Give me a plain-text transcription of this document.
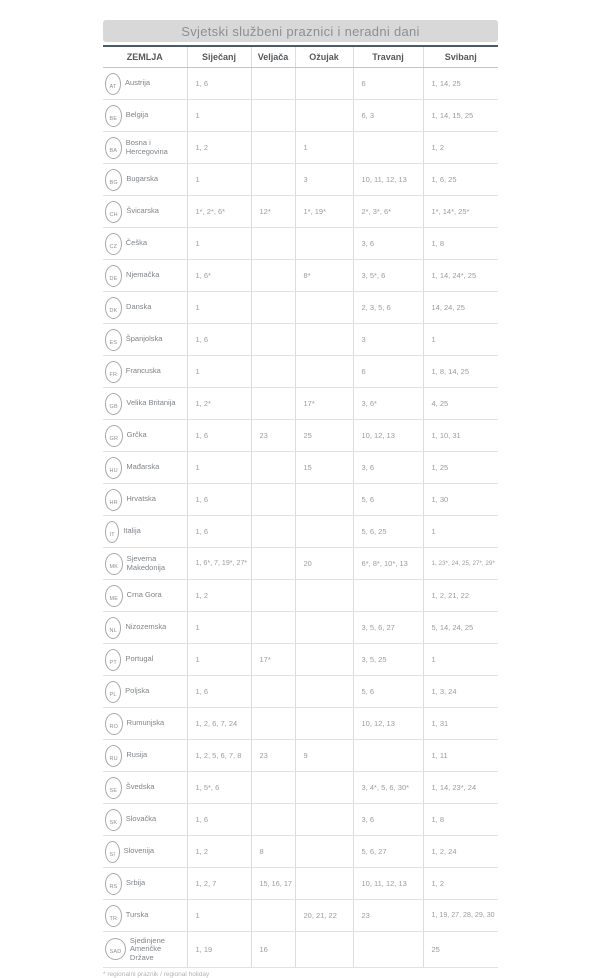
Svjetski službeni praznici i neradni dani
ZEMLJA	Siječanj	Veljača	Ožujak	Travanj	Svibanj

AT Austrija	1, 6			6	1, 14, 25

BE Belgija	1			6, 3	1, 14, 15, 25

BA
Bosna i Hercegovina	1, 2		1		1, 2

BG Bugarska	1		3	10, 11, 12, 13	1, 6, 25

CH Švicarska	1*, 2*, 6*	12*	1*, 19*	2*, 3*, 6*	1*, 14*, 25*

CZ Češka	1			3, 6	1, 8

DE Njemačka	1, 6*		8*	3, 5*, 6	1, 14, 24*, 25

DK Danska	1			2, 3, 5, 6	14, 24, 25

ES Španjolska	1, 6			3	1

FR Francuska	1			6	1, 8, 14, 25

GB Velika Britanija	1, 2*		17*	3, 6*	4, 25

GR Grčka	1, 6	23	25	10, 12, 13	1, 10, 31

HU Mađarska	1		15	3, 6	1, 25

HR Hrvatska	1, 6			5, 6	1, 30

IT Italija	1, 6			5, 6, 25	1

MK
Sjeverna Makedonija	1, 6*, 7, 19*, 27*		20	6*, 8*, 10*, 13	1, 23*, 24, 25, 27*, 29*

ME Crna Gora	1, 2				1, 2, 21, 22

NL Nizozemska	1			3, 5, 6, 27	5, 14, 24, 25

PT Portugal	1	17*		3, 5, 25	1

PL Poljska	1, 6			5, 6	1, 3, 24

RO Rumunjska	1, 2, 6, 7, 24			10, 12, 13	1, 31

RU Rusija	1, 2, 5, 6, 7, 8	23	9		1, 11

SE Švedska	1, 5*, 6			3, 4*, 5, 6, 30*	1, 14, 23*, 24

SK Slovačka	1, 6			3, 6	1, 8

SI Slovenija	1, 2	8		5, 6, 27	1, 2, 24

RS Srbija	1, 2, 7	15, 16, 17		10, 11, 12, 13	1, 2

TR Turska	1		20, 21, 22	23	1, 19, 27, 28, 29, 30

SAD
Sjedinjene Američke Države	1, 19	16			25
* regionalni praznik / regional holiday
